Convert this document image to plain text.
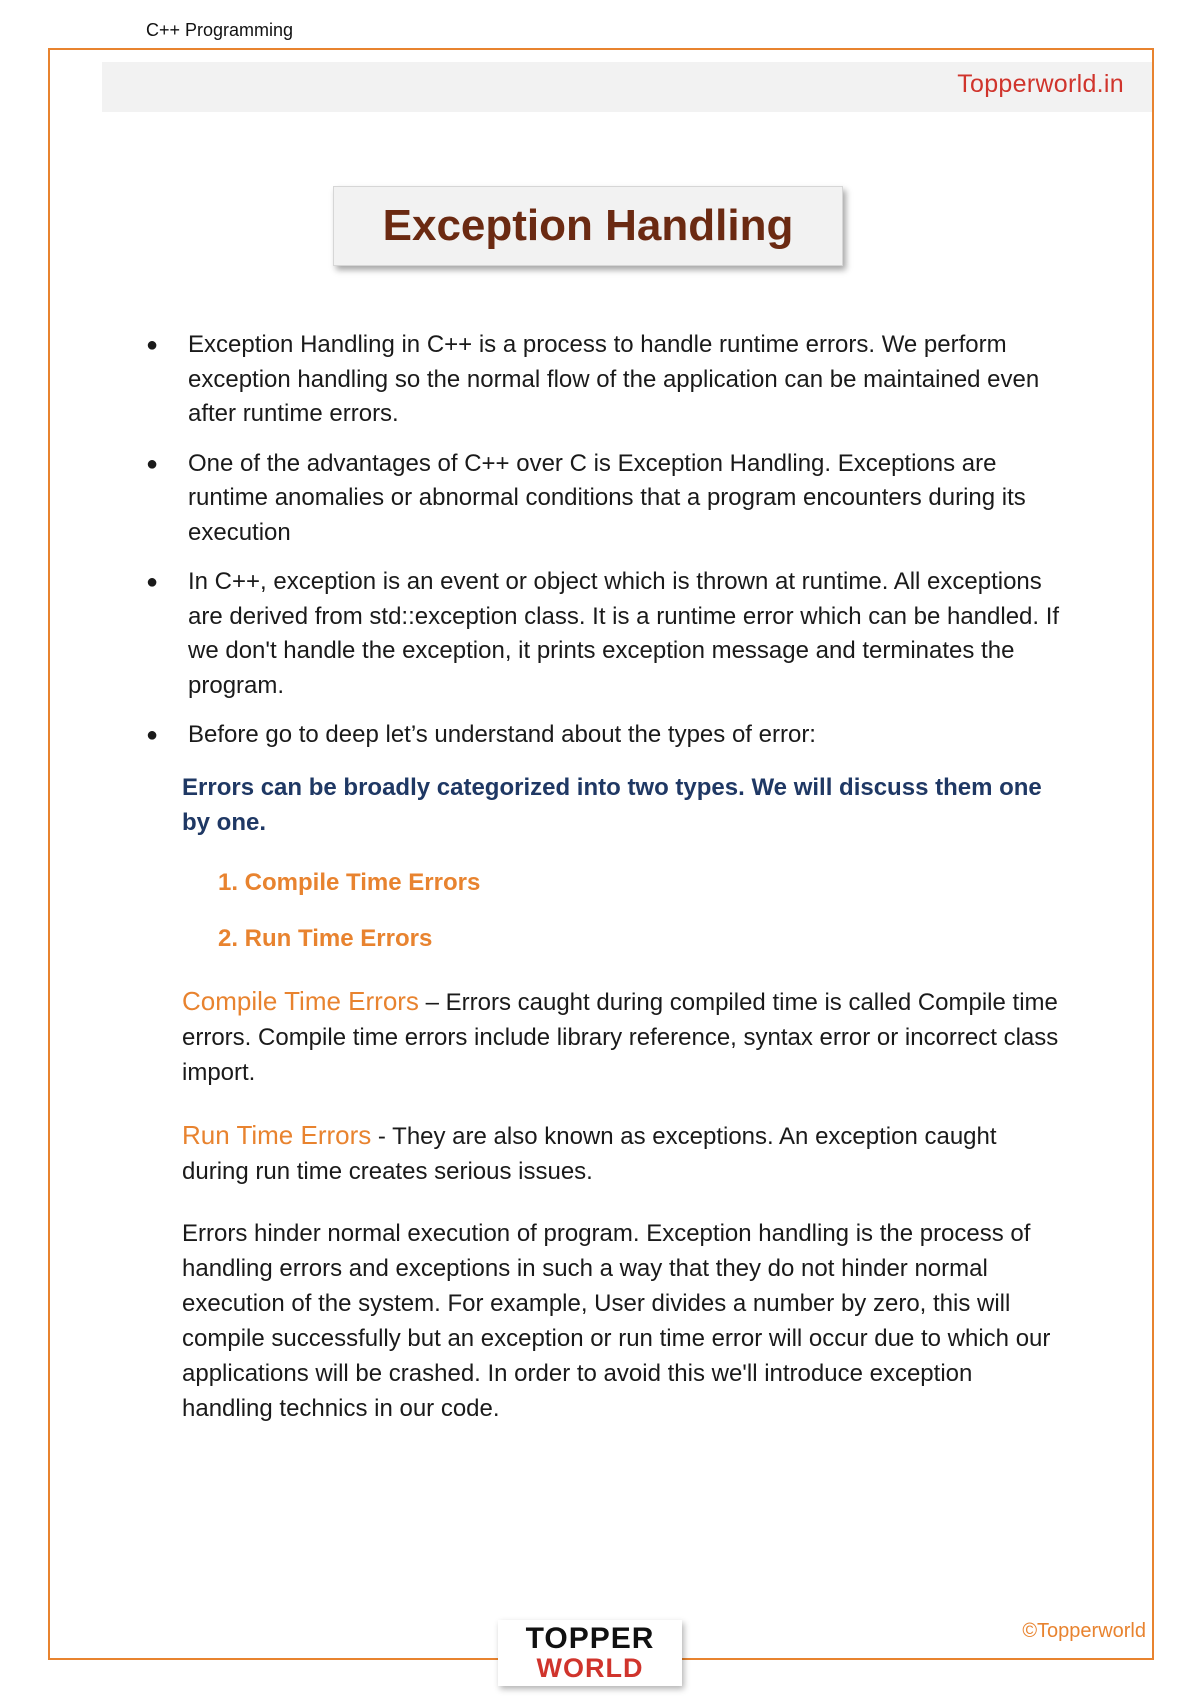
C++ Programming
Topperworld.in
Exception Handling
● Exception Handling in C++ is a process to handle runtime errors. We perform exception handling so the normal flow of the application can be maintained even after runtime errors.
● One of the advantages of C++ over C is Exception Handling. Exceptions are runtime anomalies or abnormal conditions that a program encounters during its execution
● In C++, exception is an event or object which is thrown at runtime. All exceptions are derived from std::exception class. It is a runtime error which can be handled. If we don't handle the exception, it prints exception message and terminates the program.
● Before go to deep let’s understand about the types of error:
Errors can be broadly categorized into two types. We will discuss them one by one.
1. Compile Time Errors
2. Run Time Errors

Compile Time Errors – Errors caught during compiled time is called Compile time errors. Compile time errors include library reference, syntax error or incorrect class import.

Run Time Errors - They are also known as exceptions. An exception caught during run time creates serious issues.

Errors hinder normal execution of program. Exception handling is the process of handling errors and exceptions in such a way that they do not hinder normal execution of the system. For example, User divides a number by zero, this will compile successfully but an exception or run time error will occur due to which our applications will be crashed. In order to avoid this we'll introduce exception handling technics in our code.

©Topperworld
TOPPER
WORLD
